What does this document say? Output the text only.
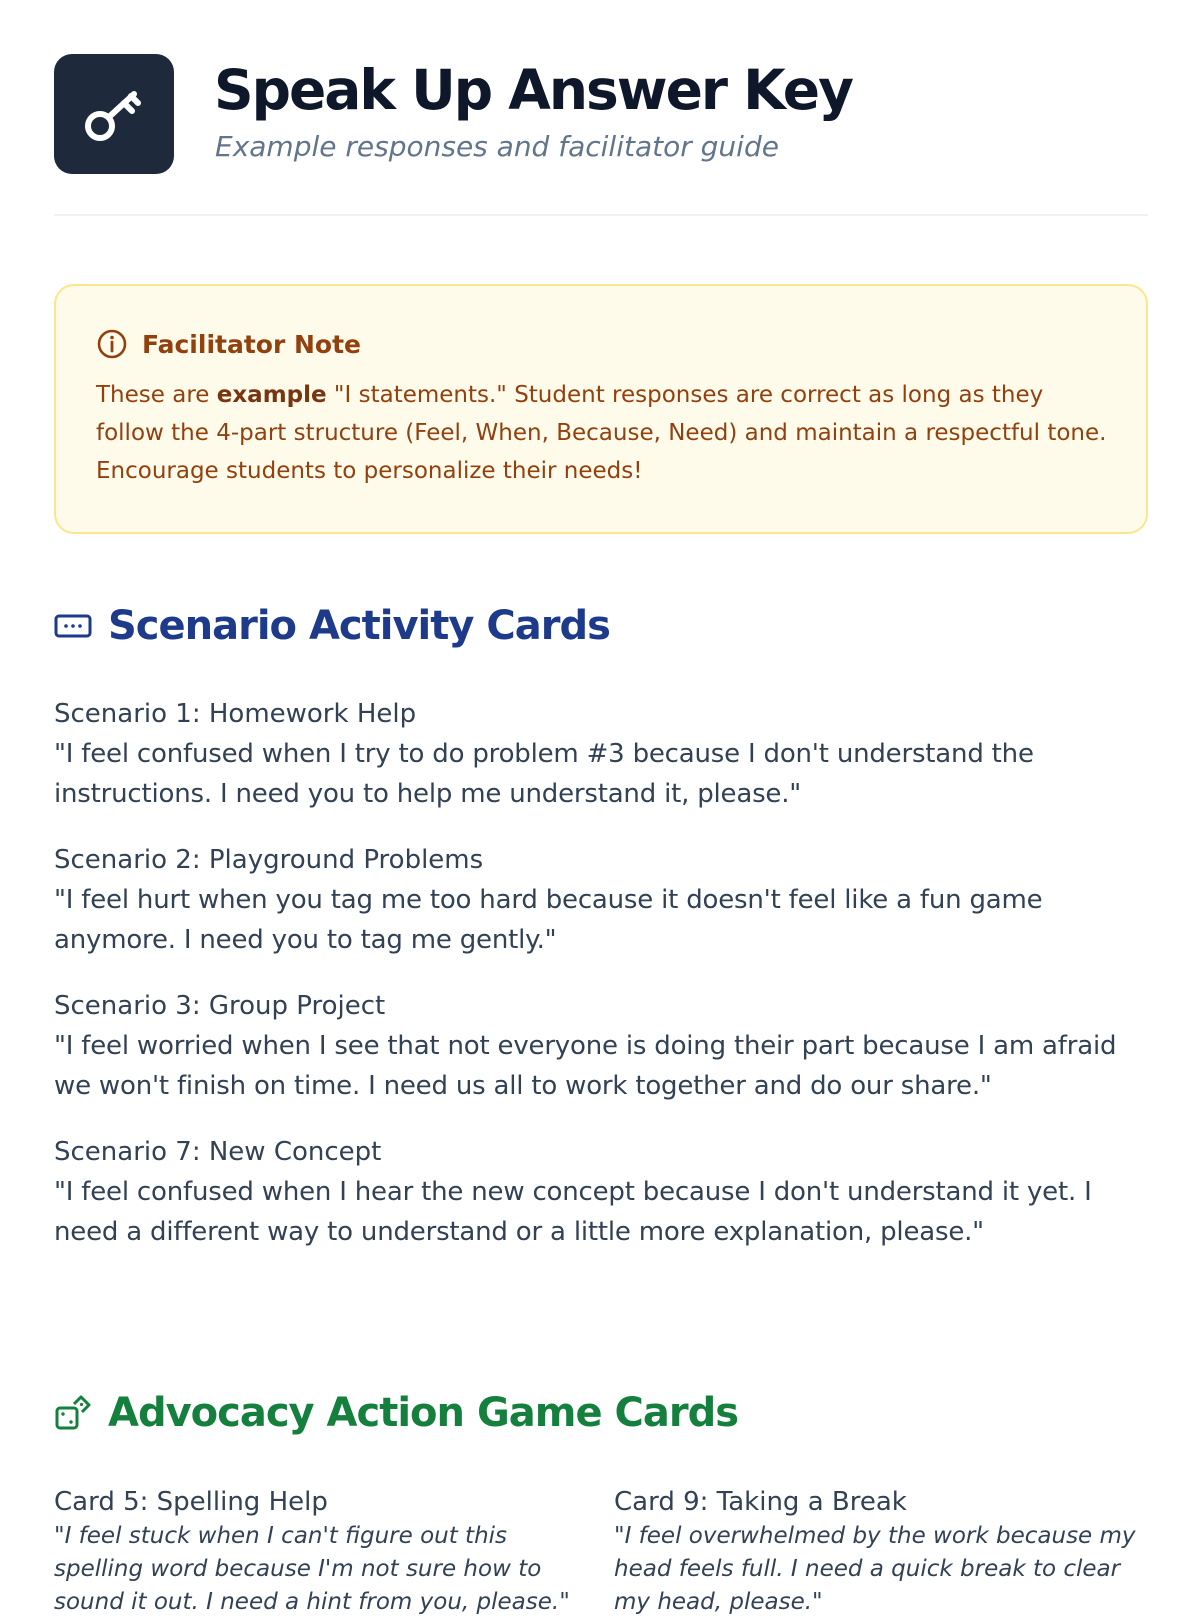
Speak Up Answer Key
Example responses and facilitator guide
Facilitator Note
These are example "I statements." Student responses are correct as long as they follow the 4-part structure (Feel, When, Because, Need) and maintain a respectful tone. Encourage students to personalize their needs!
Scenario Activity Cards
Scenario 1: Homework Help
"I feel confused when I try to do problem #3 because I don't understand the instructions. I need you to help me understand it, please."
Scenario 2: Playground Problems
"I feel hurt when you tag me too hard because it doesn't feel like a fun game anymore. I need you to tag me gently."
Scenario 3: Group Project
"I feel worried when I see that not everyone is doing their part because I am afraid we won't finish on time. I need us all to work together and do our share."
Scenario 7: New Concept
"I feel confused when I hear the new concept because I don't understand it yet. I need a different way to understand or a little more explanation, please."
Advocacy Action Game Cards
Card 5: Spelling Help
"I feel stuck when I can't figure out this spelling word because I'm not sure how to sound it out. I need a hint from you, please."
Card 9: Taking a Break
"I feel overwhelmed by the work because my head feels full. I need a quick break to clear my head, please."
